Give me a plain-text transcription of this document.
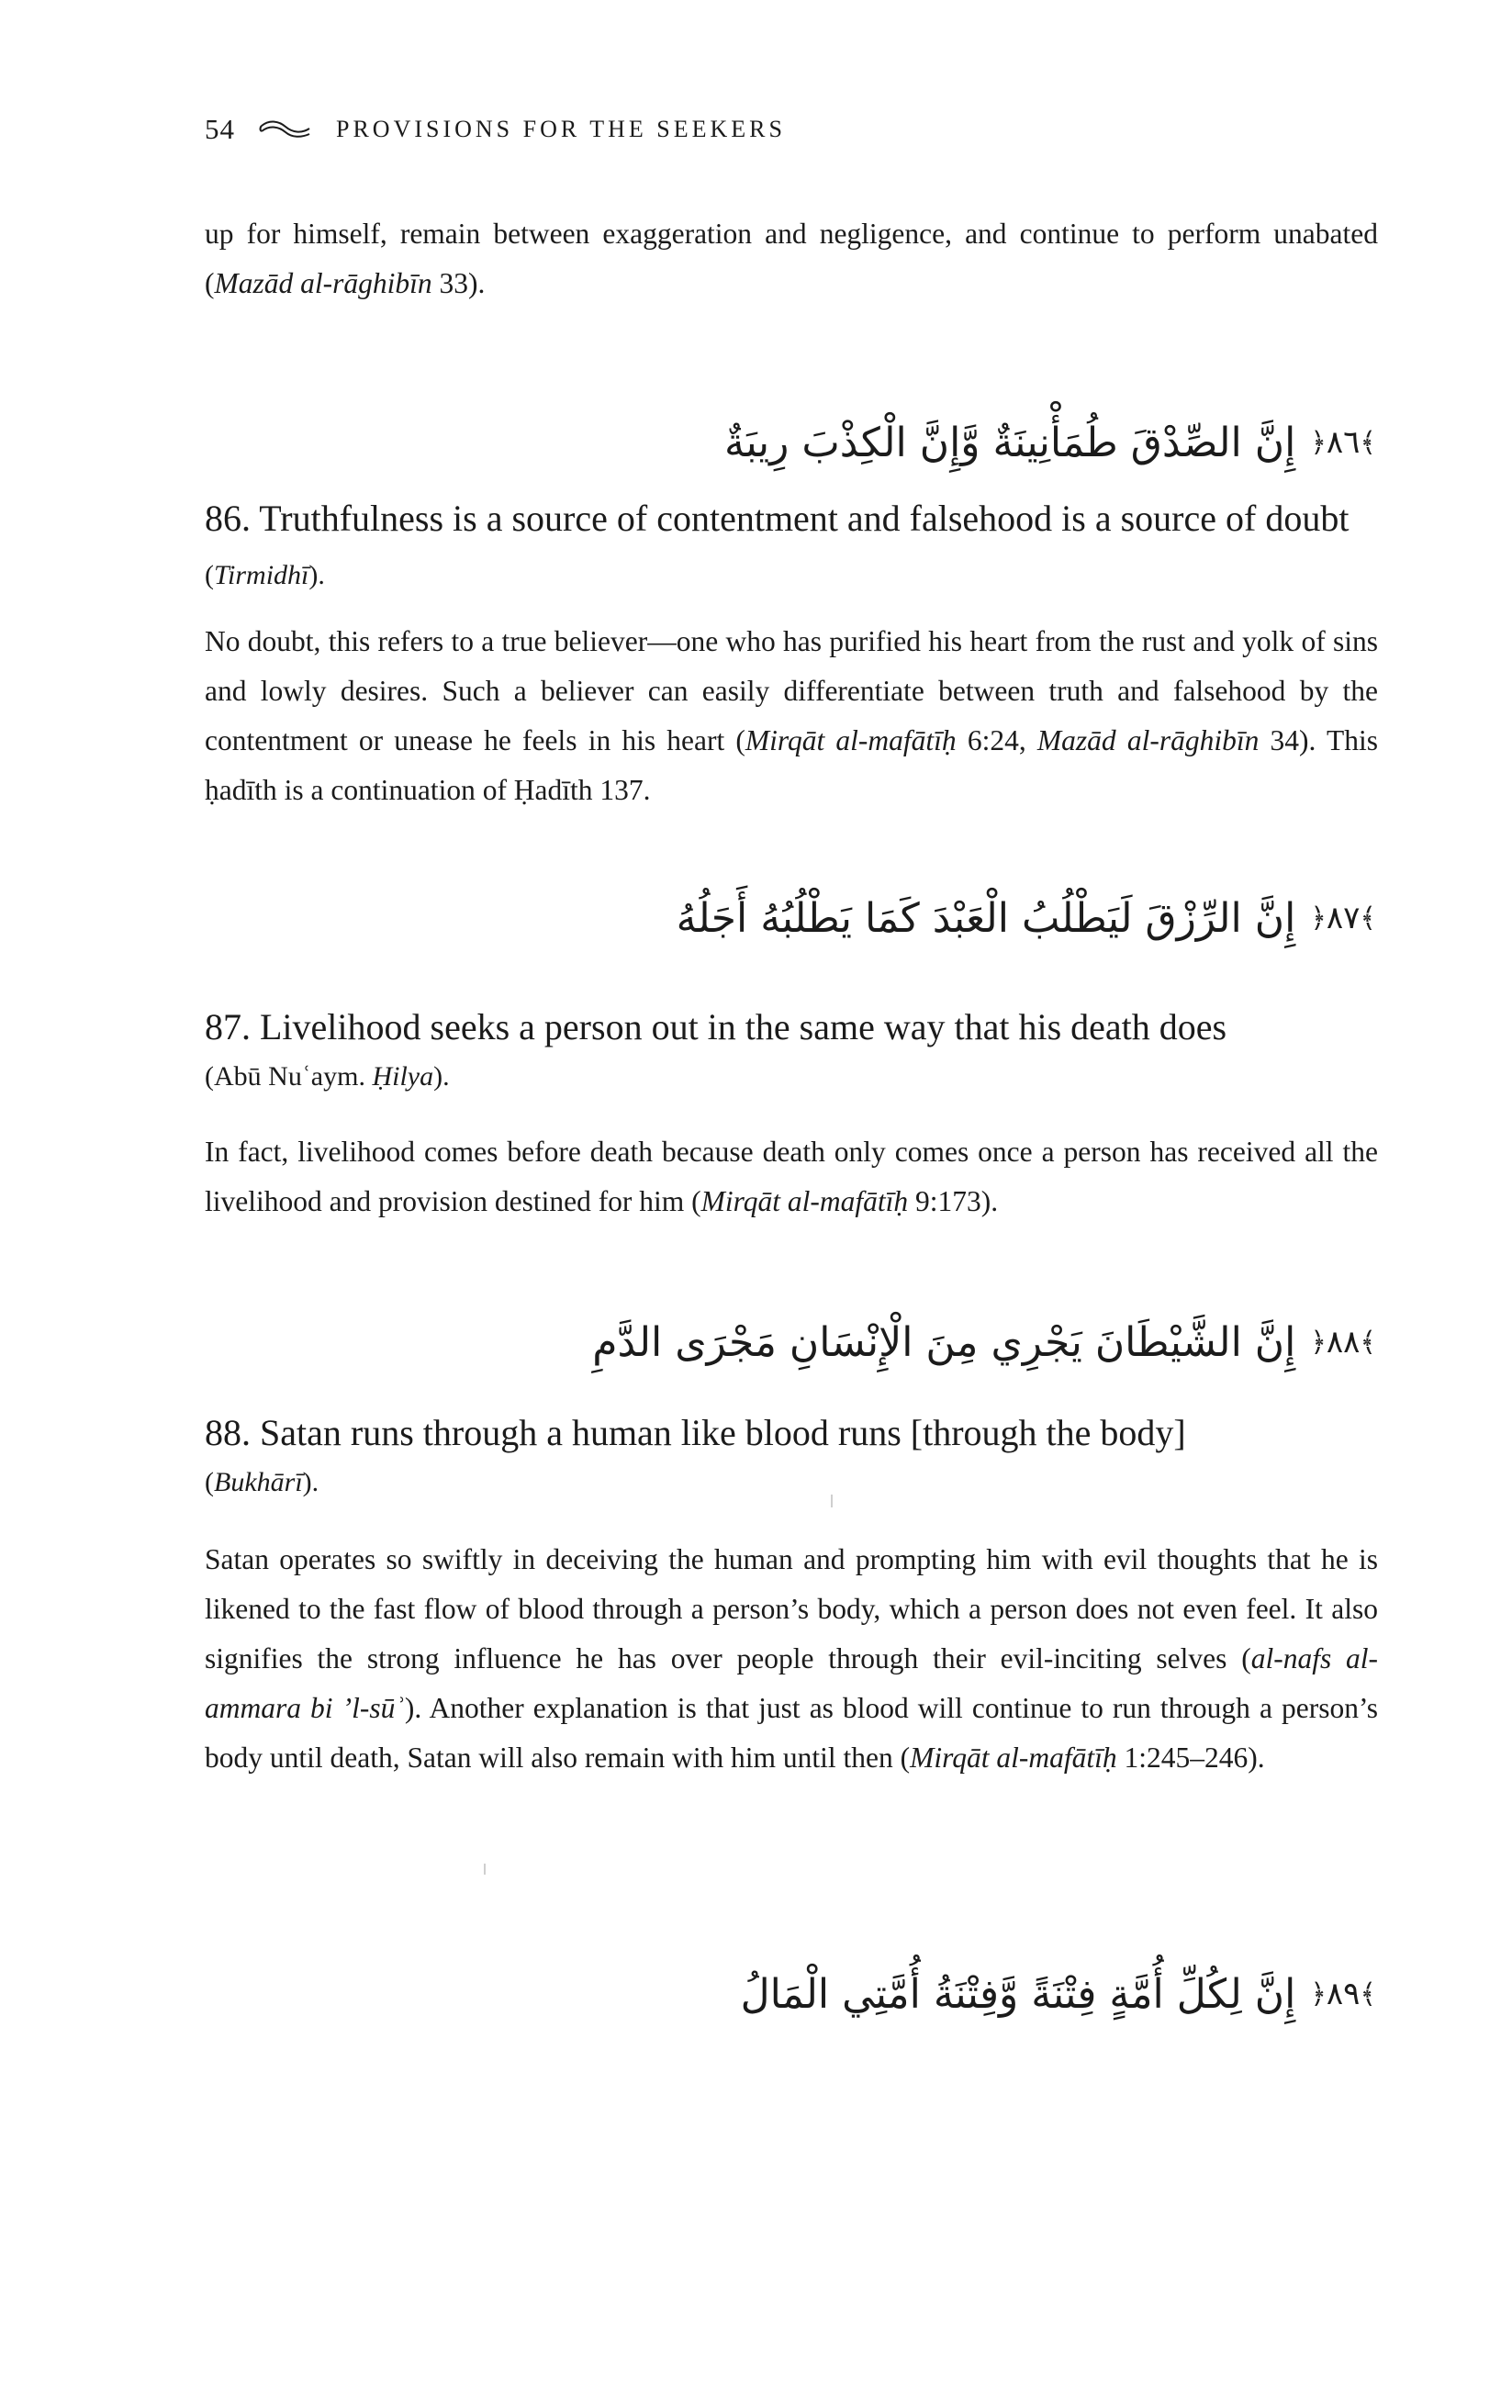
54	PROVISIONS FOR THE SEEKERS

up for himself, remain between exaggeration and negligence, and continue to perform unabated (Mazād al-rāghibīn 33).

﴿ ٨٦ ﴾
إِنَّ الصِّدْقَ طُمَأْنِينَةٌ وَّإِنَّ الْكِذْبَ رِيبَةٌ

86. Truthfulness is a source of contentment and falsehood is a source of doubt (Tirmidhī).

No doubt, this refers to a true believer—one who has purified his heart from the rust and yolk of sins and lowly desires. Such a believer can easily differentiate between truth and falsehood by the contentment or unease he feels in his heart (Mirqāt al-mafātīḥ 6:24, Mazād al-rāghibīn 34). This ḥadīth is a continuation of Ḥadīth 137.

﴿ ٨٧ ﴾
إِنَّ الرِّزْقَ لَيَطْلُبُ الْعَبْدَ كَمَا يَطْلُبُهُ أَجَلُهُ

87. Livelihood seeks a person out in the same way that his death does

(Abū Nuʿaym. Ḥilya).

In fact, livelihood comes before death because death only comes once a person has received all the livelihood and provision destined for him (Mirqāt al-mafātīḥ 9:173).

﴿ ٨٨ ﴾
إِنَّ الشَّيْطَانَ يَجْرِي مِنَ الْإِنْسَانِ مَجْرَى الدَّمِ

88. Satan runs through a human like blood runs [through the body]

(Bukhārī).

Satan operates so swiftly in deceiving the human and prompting him with evil thoughts that he is likened to the fast flow of blood through a person’s body, which a person does not even feel. It also signifies the strong influence he has over people through their evil-inciting selves (al-nafs al-ammara bi ’l-sūʾ). Another explanation is that just as blood will continue to run through a person’s body until death, Satan will also remain with him until then (Mirqāt al-mafātīḥ 1:245–246).

﴿ ٨٩ ﴾
إِنَّ لِكُلِّ أُمَّةٍ فِتْنَةً وَّفِتْنَةُ أُمَّتِي الْمَالُ
